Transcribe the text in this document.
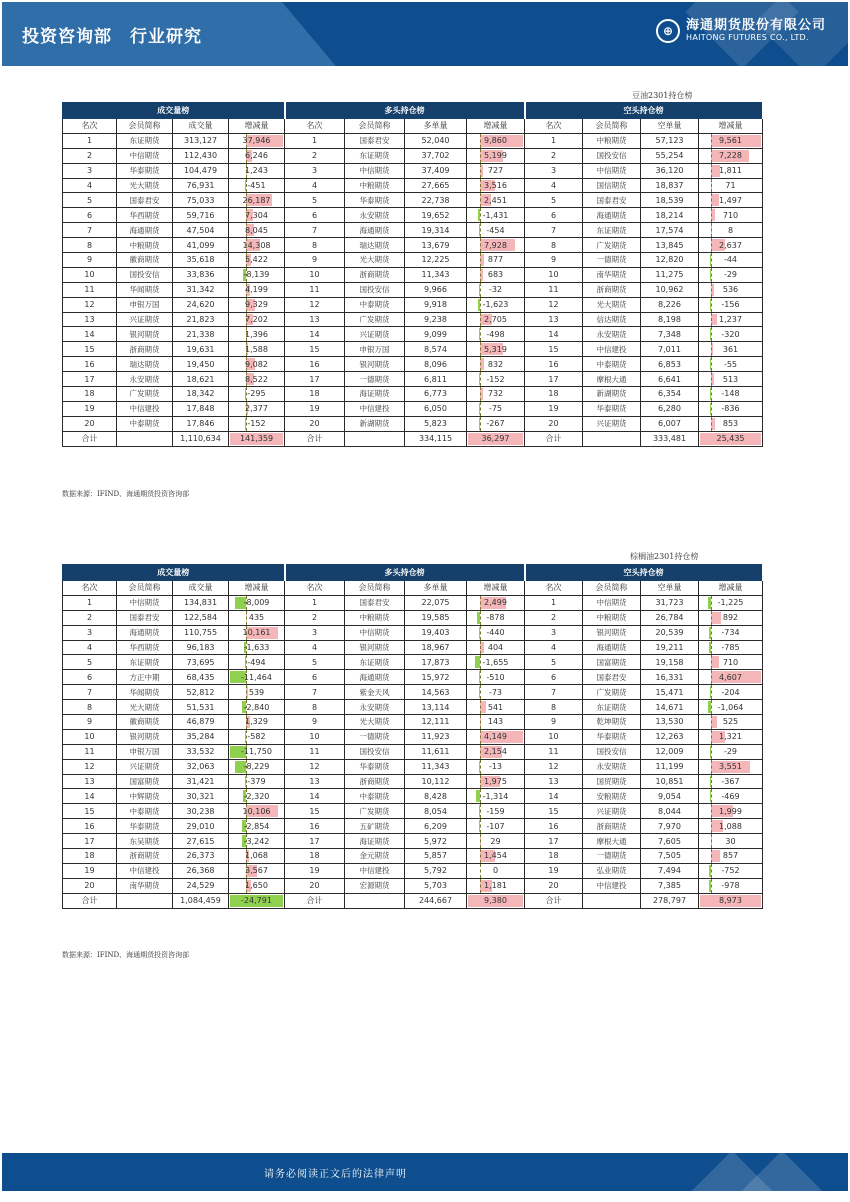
投资咨询部　行业研究	⊕ 海通期货股份有限公司
HAITONG FUTURES CO., LTD.
豆油2301持仓榜
成交量榜				多头持仓榜				空头持仓榜			
名次	会员简称	成交量	增减量	名次	会员简称	多单量	增减量	名次	会员简称	空单量	增减量
1	东证期货	313,127	37,946	1	国泰君安	52,040	9,860	1	中粮期货	57,123	9,561
2	中信期货	112,430	6,246	2	东证期货	37,702	5,199	2	国投安信	55,254	7,228
3	华泰期货	104,479	1,243	3	中信期货	37,409	727	3	中信期货	36,120	1,811
4	光大期货	76,931	-451	4	中粮期货	27,665	3,516	4	国信期货	18,837	71
5	国泰君安	75,033	26,187	5	华泰期货	22,738	2,451	5	国泰君安	18,539	1,497
6	华西期货	59,716	7,304	6	永安期货	19,652	-1,431	6	海通期货	18,214	710
7	海通期货	47,504	8,045	7	海通期货	19,314	-454	7	东证期货	17,574	8
8	中粮期货	41,099	14,308	8	瑞达期货	13,679	7,928	8	广发期货	13,845	2,637
9	徽商期货	35,618	5,422	9	光大期货	12,225	877	9	一德期货	12,820	-44
10	国投安信	33,836	-8,139	10	浙商期货	11,343	683	10	南华期货	11,275	-29
11	华闻期货	31,342	4,199	11	国投安信	9,966	-32	11	浙商期货	10,962	536
12	申银万国	24,620	9,329	12	中泰期货	9,918	-1,623	12	光大期货	8,226	-156
13	兴证期货	21,823	7,202	13	广发期货	9,238	2,705	13	信达期货	8,198	1,237
14	银河期货	21,338	1,396	14	兴证期货	9,099	-498	14	永安期货	7,348	-320
15	浙商期货	19,631	1,588	15	申银万国	8,574	5,319	15	中信建投	7,011	361
16	瑞达期货	19,450	9,082	16	银河期货	8,096	832	16	中泰期货	6,853	-55
17	永安期货	18,621	8,522	17	一德期货	6,811	-152	17	摩根大通	6,641	513
18	广发期货	18,342	-295	18	海证期货	6,773	732	18	新湖期货	6,354	-148
19	中信建投	17,848	2,377	19	中信建投	6,050	-75	19	华泰期货	6,280	-836
20	中泰期货	17,846	-152	20	新湖期货	5,823	-267	20	兴证期货	6,007	853
合计		1,110,634	141,359	合计		334,115	36,297	合计		333,481	25,435
数据来源：IFIND、海通期货投资咨询部
棕榈油2301持仓榜
成交量榜				多头持仓榜				空头持仓榜			
名次	会员简称	成交量	增减量	名次	会员简称	多单量	增减量	名次	会员简称	空单量	增减量
1	中信期货	134,831	-8,009	1	国泰君安	22,075	2,499	1	中信期货	31,723	-1,225
2	国泰君安	122,584	435	2	中粮期货	19,585	-878	2	中粮期货	26,784	892
3	海通期货	110,755	10,161	3	中信期货	19,403	-440	3	银河期货	20,539	-734
4	华西期货	96,183	-1,633	4	银河期货	18,967	404	4	海通期货	19,211	-785
5	东证期货	73,695	-494	5	东证期货	17,873	-1,655	5	国富期货	19,158	710
6	方正中期	68,435	-11,464	6	海通期货	15,972	-510	6	国泰君安	16,331	4,607
7	华闻期货	52,812	539	7	紫金天风	14,563	-73	7	广发期货	15,471	-204
8	光大期货	51,531	-2,840	8	永安期货	13,114	541	8	东证期货	14,671	-1,064
9	徽商期货	46,879	1,329	9	光大期货	12,111	143	9	乾坤期货	13,530	525
10	银河期货	35,284	-582	10	一德期货	11,923	4,149	10	华泰期货	12,263	1,321
11	申银万国	33,532	-11,750	11	国投安信	11,611	2,154	11	国投安信	12,009	-29
12	兴证期货	32,063	-8,229	12	华泰期货	11,343	-13	12	永安期货	11,199	3,551
13	国富期货	31,421	-379	13	浙商期货	10,112	1,975	13	国贸期货	10,851	-367
14	中辉期货	30,321	-2,320	14	中泰期货	8,428	-1,314	14	安粮期货	9,054	-469
15	中泰期货	30,238	10,106	15	广发期货	8,054	-159	15	兴证期货	8,044	1,999
16	华泰期货	29,010	-2,854	16	五矿期货	6,209	-107	16	浙商期货	7,970	1,088
17	东吴期货	27,615	-3,242	17	海证期货	5,972	29	17	摩根大通	7,605	30
18	浙商期货	26,373	1,068	18	金元期货	5,857	1,454	18	一德期货	7,505	857
19	中信建投	26,368	3,567	19	中信建投	5,792	0	19	弘业期货	7,494	-752
20	南华期货	24,529	1,650	20	宏源期货	5,703	1,181	20	中信建投	7,385	-978
合计		1,084,459	-24,791	合计		244,667	9,380	合计		278,797	8,973
数据来源：IFIND、海通期货投资咨询部
请务必阅读正文后的法律声明
